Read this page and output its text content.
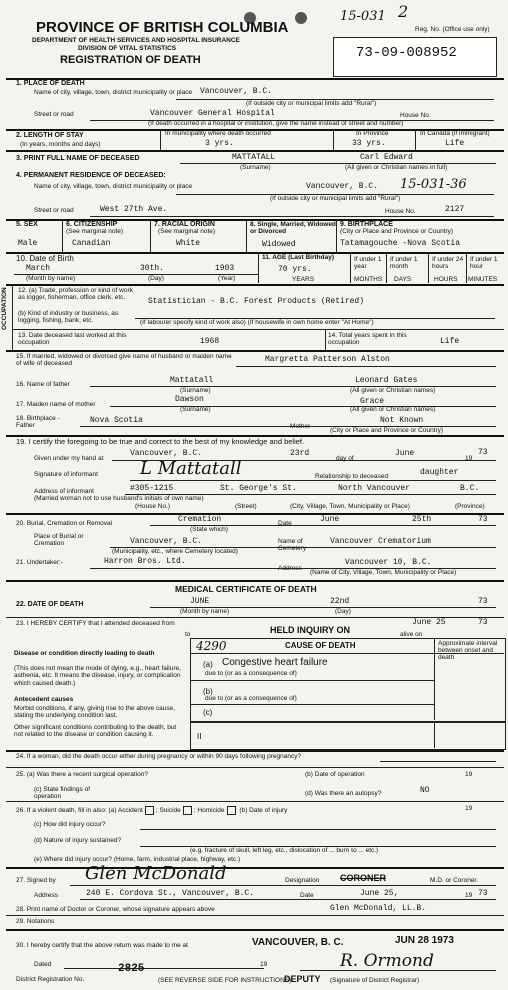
PROVINCE OF BRITISH COLUMBIA
DEPARTMENT OF HEALTH SERVICES AND HOSPITAL INSURANCE
DIVISION OF VITAL STATISTICS
REGISTRATION OF DEATH
15-031 2
Reg. No. (Office use only)
73-09-008952
1. PLACE OF DEATH
Name of city, village, town, district municipality or place Vancouver, B.C.
(If outside city or municipal limits add "Rural")
Street or road	Vancouver General Hospital	House No.
(If death occurred in a hospital or institution, give the name instead of street and number)
2. LENGTH OF STAY
(In years, months and days)
In municipality where death occurred
3 yrs.
In Province
33 yrs.
In Canada (if immigrant)
Life
3. PRINT FULL NAME OF DECEASED	MATTATALL	Carl Edward
(Surname)	(All given or Christian names in full)
4. PERMANENT RESIDENCE OF DECEASED:
Name of city, village, town, district municipality or place	Vancouver, B.C. 15-031-36
(If outside city or municipal limits add "Rural")
Street or road	West 27th Ave.	House No.	2127
5. SEX
Male
6. CITIZENSHIP
(See marginal note)
Canadian
7. RACIAL ORIGIN
(See marginal note)
White
8. Single, Married, Widowed or Divorced
Widowed
9. BIRTHPLACE
(City or Place and Province or Country)
Tatamagouche -Nova Scotia
10. Date of Birth
March	30th.	1903
(Month by name)	(Day)	(Year)
11. AGE (Last Birthday)
70 yrs.
YEARS
If under 1 year
MONTHS
If under 1 month
DAYS
If under 24 hours
HOURS
If under 1 hour
MINUTES
OCCUPATION 12. (a) Trade, profession or kind of work as logger, fisherman, office clerk, etc.
(b) Kind of industry or business, as logging, fishing, bank, etc.
Statistician - B.C. Forest Products (Retired)
(If labourer specify kind of work also) (If housewife in own home enter "At Home")
13. Date deceased last worked at this occupation	1968
14. Total years spent in this occupation	Life
15. If married, widowed or divorced give name of husband or maiden name of wife of deceased	Margretta Patterson Alston
16. Name of father	Mattatall	Leonard Gates
(Surname)	(All given or Christian names)
17. Maiden name of mother
Dawson	Grace
(Surname)	(All given or Christian names)
18. Birthplace - Father
Nova Scotia
Mother
Not Known
(City or Place and Province or Country)
19. I certify the foregoing to be true and correct to the best of my knowledge and belief.
Given under my hand at
Vancouver, B.C.	23rd
day of
June
19
73
Signature of informant L Mattatall	Relationship to deceased	daughter
Address of informant	#305-1215	St. George's St.	North Vancouver	B.C.
(Married woman not to use husband's initials of own name)
(House No.)	(Street)	(City, Village, Town, Municipality or Place)	(Province)
20. Burial, Cremation or Removal	Cremation
(State which)
Date	June	25th	73
Place of Burial or Cremation	Vancouver, B.C.
(Municipality, etc., where Cemetery located)
Name of Cemetery
Vancouver Crematorium
21. Undertaker:-	Harron Bros. Ltd.
Address
Vancouver 10, B.C.
(Name of City, Village, Town, Municipality or Place)
MEDICAL CERTIFICATE OF DEATH
22. DATE OF DEATH	JUNE	22nd	73
(Month by name)	(Day)
23. I HEREBY CERTIFY that I attended deceased from
to	HELD INQUIRY ON	alive on
June 25	73
4290	CAUSE OF DEATH	Approximate interval between onset and death
(a) Congestive heart failure
due to (or as a consequence of)
(b)
due to (or as a consequence of)
(c)
Disease or condition directly leading to death
(This does not mean the mode of dying, e.g., heart failure, asthenia, etc. It means the disease, injury, or complication which caused death.)
Antecedent causes
Morbid conditions, if any, giving rise to the above cause, stating the underlying condition last.
II
Other significant conditions contributing to the death, but not related to the disease or condition causing it.
24. If a woman, did the death occur either during pregnancy or within 90 days following pregnancy?
25. (a) Was there a recent surgical operation?	(b) Date of operation	19
(c) State findings of operation	(d) Was there an autopsy?	NO
26. If a violent death, fill in also: (a) Accident ; Suicide ; Homicide (b) Date of injury	19
(c) How did injury occur?
(d) Nature of injury sustained?
(e.g. fracture of skull, left leg, etc., dislocation of ... burn to ... etc.)
(e) Where did injury occur? (Home, farm, industrial place, highway, etc.)
27. Signed by Glen McDonald	Designation CORONER	M.D. or Coroner.
Address	240 E. Cordova St., Vancouver, B.C.	Date	June 25,	19 73
28. Print name of Doctor or Coroner, whose signature appears above	Glen McDonald, LL.B.
29. Notations
30. I hereby certify that the above return was made to me at	VANCOUVER, B. C.	JUN 28 1973
Dated	19	R. Ormond
District Registration No.
2825
(SEE REVERSE SIDE FOR INSTRUCTIONS)
DEPUTY (Signature of District Registrar)
